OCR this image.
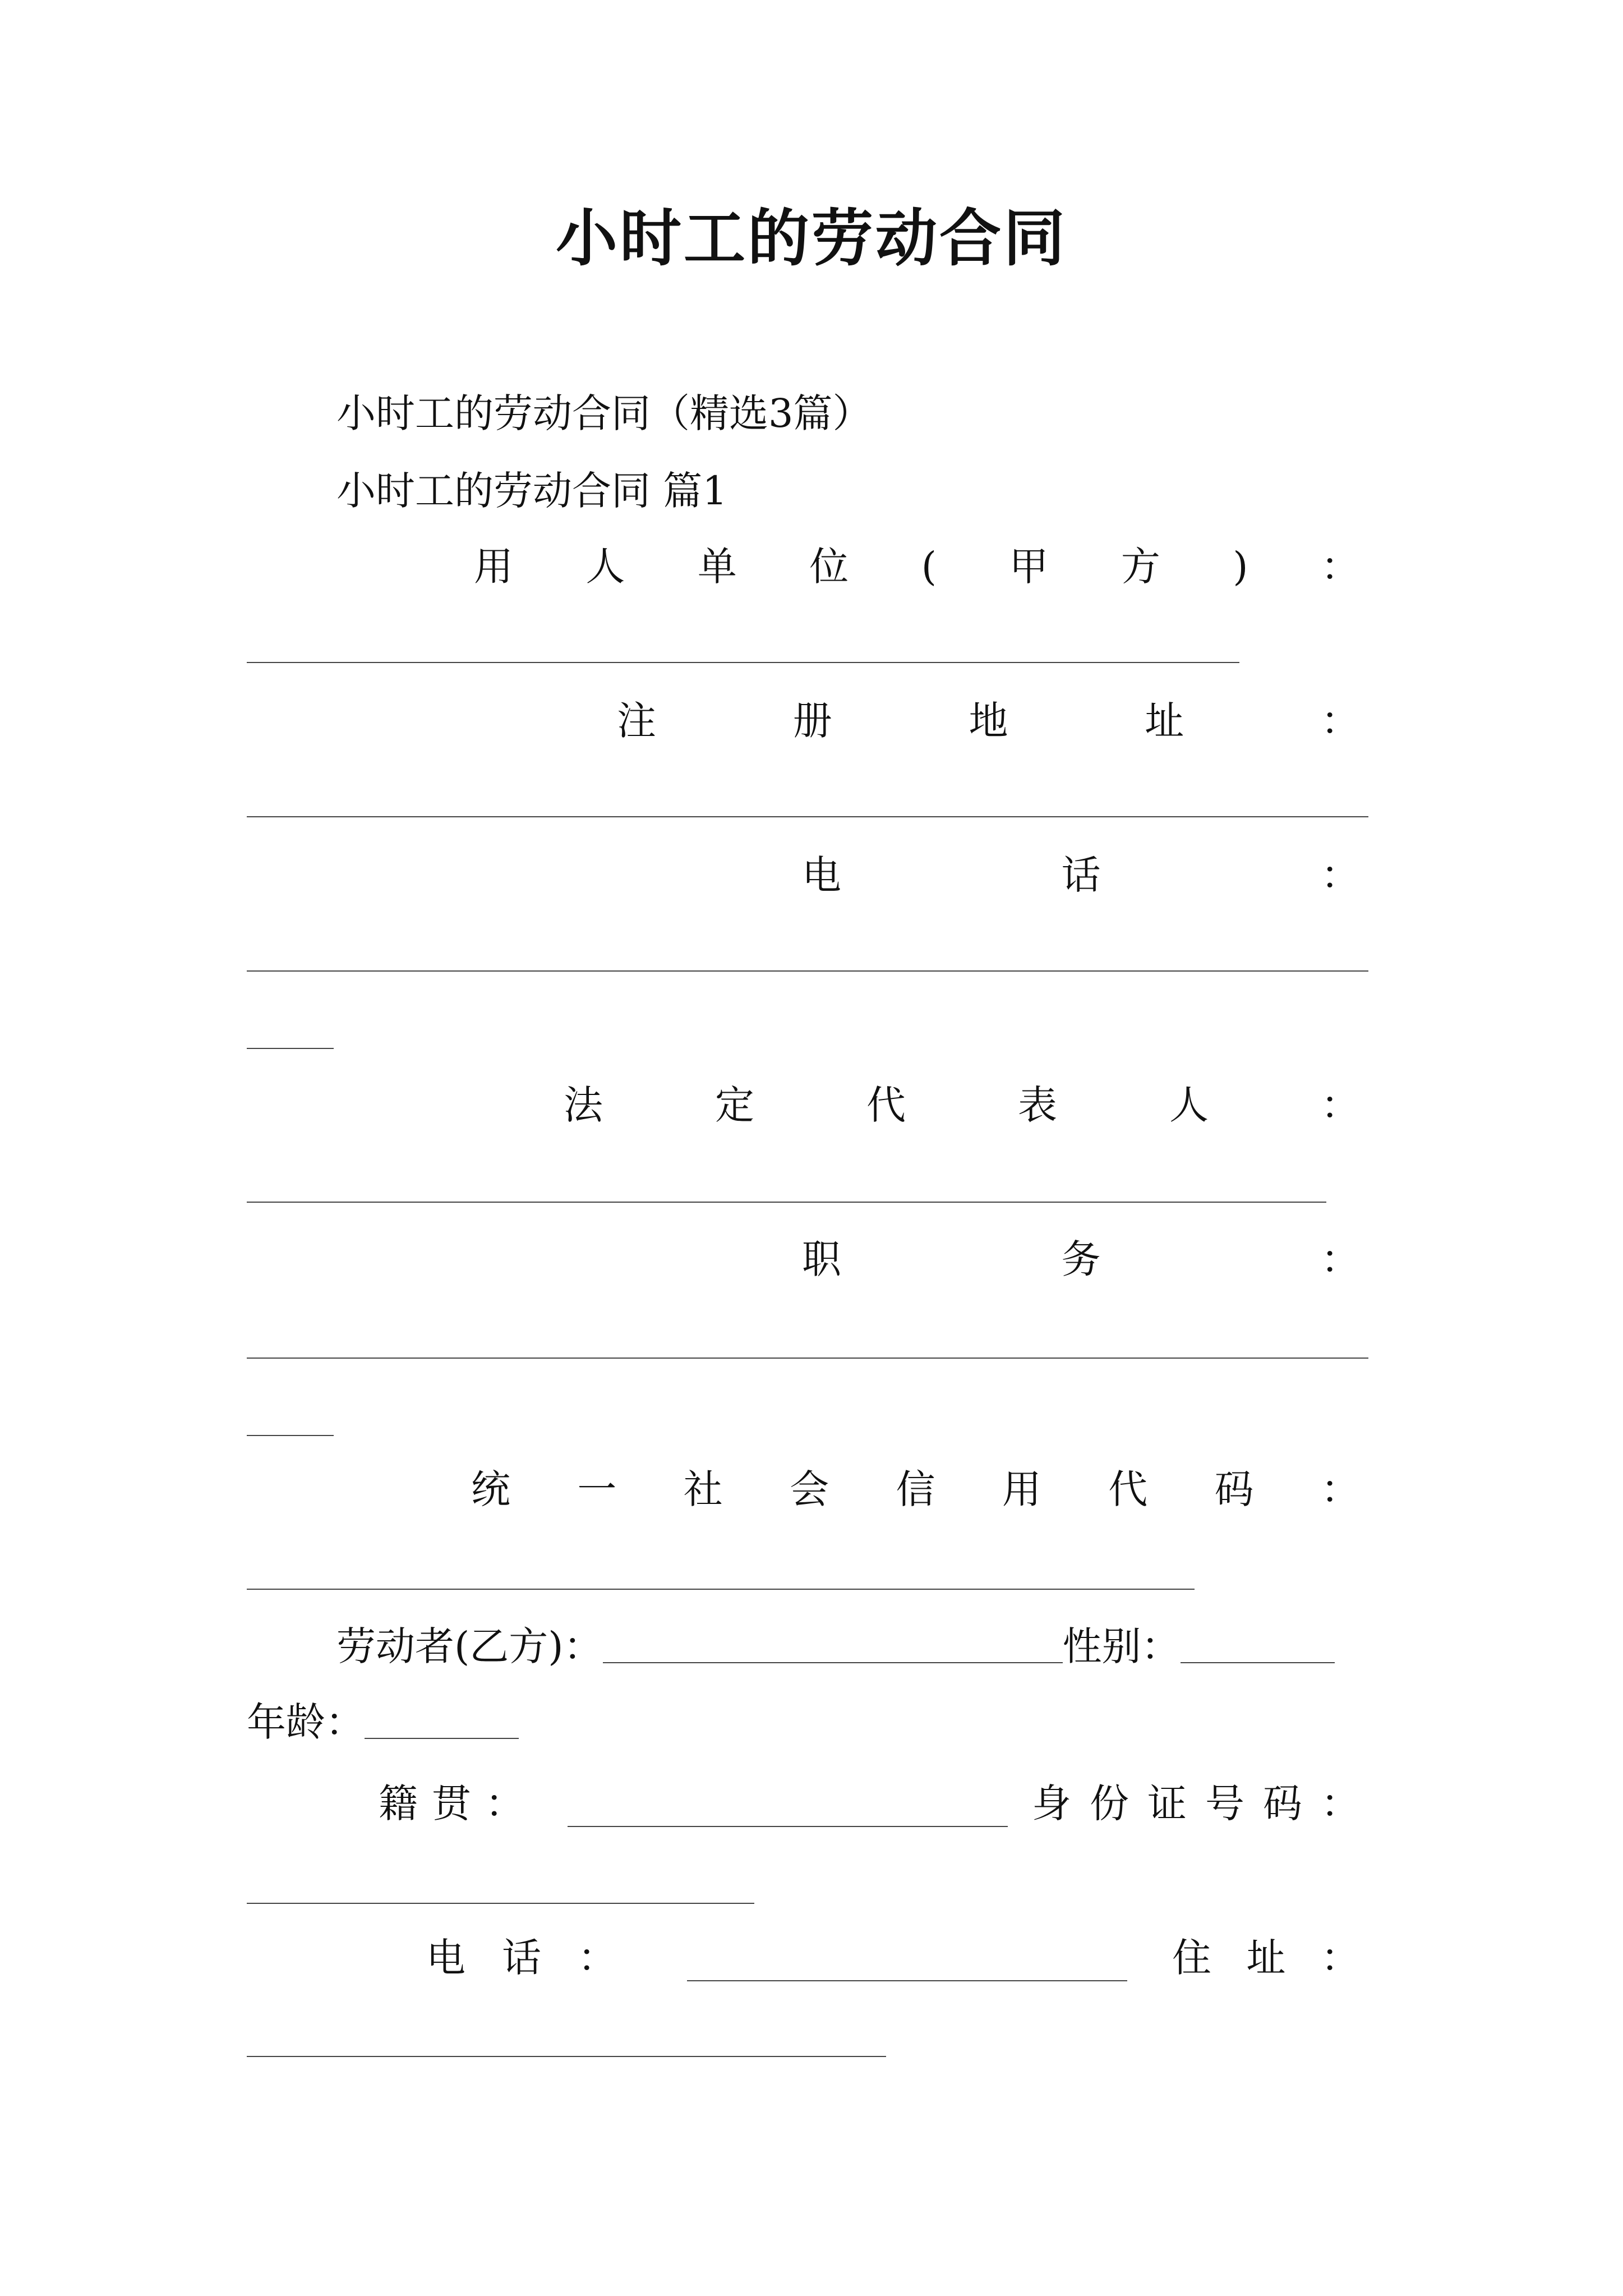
小时工的劳动合同
小时工的劳动合同（精选3篇）
小时工的劳动合同 篇1
用 人 单 位 ( 甲 方 ) ：
注	册	地	址	：
电	话	：
法	定	代	表	人	：
职	务	：
统 一 社 会 信 用 代 码 ：
劳动者(乙方)：	性别：
年龄：
籍 贯 ：	身 份 证 号 码 ：
电 话 ：	住 址 ：
